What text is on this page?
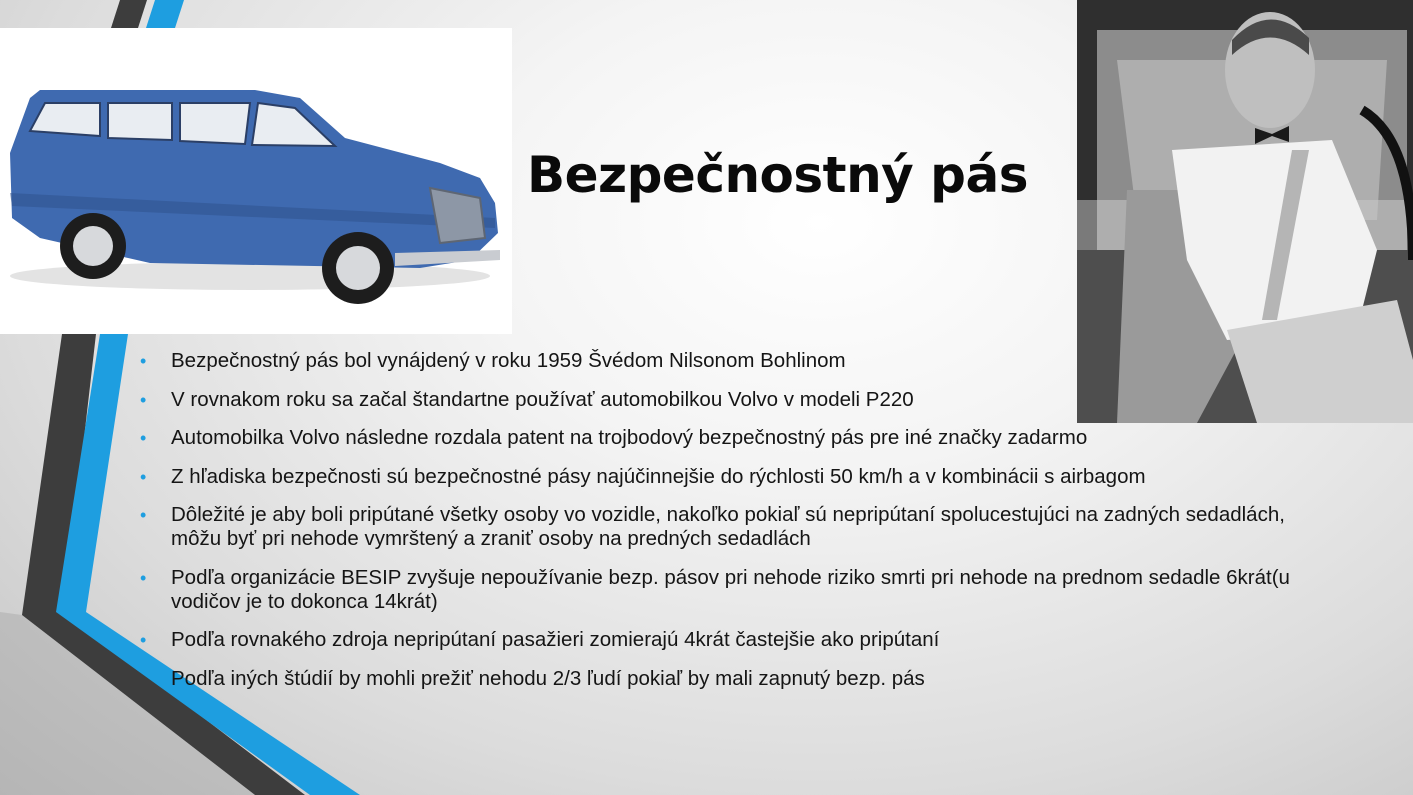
Bezpečnostný pás
• Bezpečnostný pás bol vynájdený v roku 1959 Švédom Nilsonom Bohlinom
• V rovnakom roku sa začal štandartne používať automobilkou Volvo v modeli P220
• Automobilka Volvo následne rozdala patent na trojbodový bezpečnostný pás pre iné značky zadarmo
• Z hľadiska bezpečnosti sú bezpečnostné pásy najúčinnejšie do rýchlosti 50 km/h a v kombinácii s airbagom
• Dôležité je aby boli pripútané všetky osoby vo vozidle, nakoľko pokiaľ sú nepripútaní spolucestujúci na zadných sedadlách, môžu byť pri nehode vymrštený a zraniť osoby na predných sedadlách
• Podľa organizácie BESIP zvyšuje nepoužívanie bezp. pásov pri nehode riziko smrti pri nehode na prednom sedadle 6krát(u vodičov je to dokonca 14krát)
• Podľa rovnakého zdroja nepripútaní pasažieri zomierajú 4krát častejšie ako pripútaní
Podľa iných štúdií by mohli prežiť nehodu 2/3 ľudí pokiaľ by mali zapnutý bezp. pás
